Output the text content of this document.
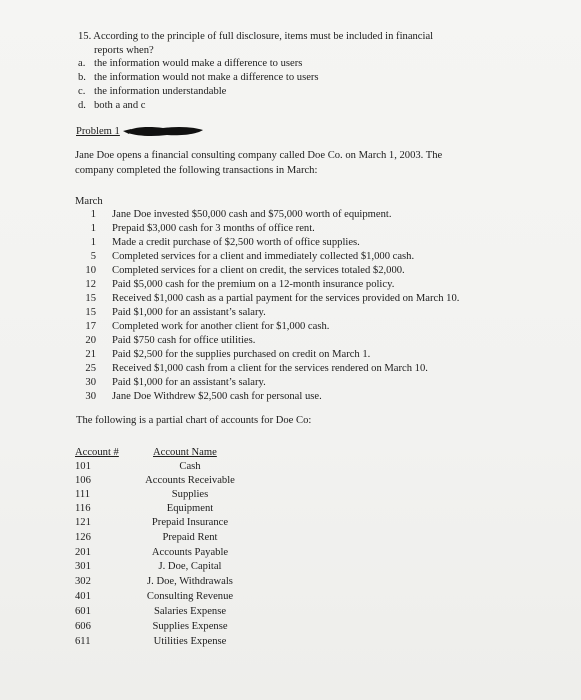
15. According to the principle of full disclosure, items must be included in financial
reports when?
a. the information would make a difference to users
b. the information would not make a difference to users
c. the information understandable
d. both a and c
Problem 1
Jane Doe opens a financial consulting company called Doe Co. on March 1, 2003. The
company completed the following transactions in March:
March
1 Jane Doe invested $50,000 cash and $75,000 worth of equipment.
1 Prepaid $3,000 cash for 3 months of office rent.
1 Made a credit purchase of $2,500 worth of office supplies.
5 Completed services for a client and immediately collected $1,000 cash.
10 Completed services for a client on credit, the services totaled $2,000.
12 Paid $5,000 cash for the premium on a 12-month insurance policy.
15 Received $1,000 cash as a partial payment for the services provided on March 10.
15 Paid $1,000 for an assistant’s salary.
17 Completed work for another client for $1,000 cash.
20 Paid $750 cash for office utilities.
21 Paid $2,500 for the supplies purchased on credit on March 1.
25 Received $1,000 cash from a client for the services rendered on March 10.
30 Paid $1,000 for an assistant’s salary.
30 Jane Doe Withdrew $2,500 cash for personal use.
The following is a partial chart of accounts for Doe Co:
Account #	Account Name
101	Cash
106	Accounts Receivable
111	Supplies
116	Equipment
121	Prepaid Insurance
126	Prepaid Rent
201	Accounts Payable
301	J. Doe, Capital
302	J. Doe, Withdrawals
401	Consulting Revenue
601	Salaries Expense
606	Supplies Expense
611	Utilities Expense
